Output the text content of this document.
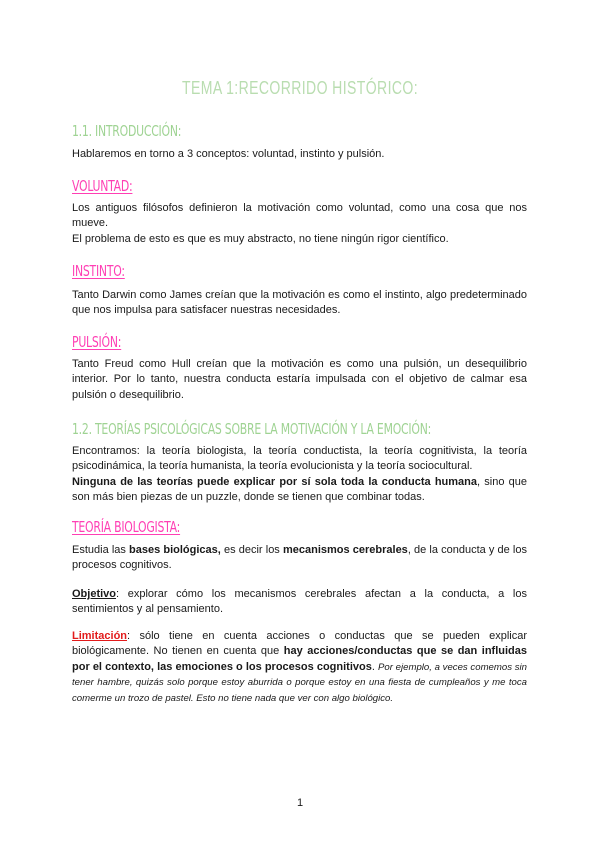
TEMA 1:RECORRIDO HISTÓRICO:
1.1. INTRODUCCIÓN:
Hablaremos en torno a 3 conceptos: voluntad, instinto y pulsión.
VOLUNTAD:
Los antiguos filósofos definieron la motivación como voluntad, como una cosa que nos mueve.
El problema de esto es que es muy abstracto, no tiene ningún rigor científico.
INSTINTO:
Tanto Darwin como James creían que la motivación es como el instinto, algo predeterminado que nos impulsa para satisfacer nuestras necesidades.
PULSIÓN:
Tanto Freud como Hull creían que la motivación es como una pulsión, un desequilibrio interior. Por lo tanto, nuestra conducta estaría impulsada con el objetivo de calmar esa pulsión o desequilibrio.
1.2. TEORÍAS PSICOLÓGICAS SOBRE LA MOTIVACIÓN Y LA EMOCIÓN:
Encontramos: la teoría biologista, la teoría conductista, la teoría cognitivista, la teoría psicodinámica, la teoría humanista, la teoría evolucionista y la teoría sociocultural.
Ninguna de las teorías puede explicar por sí sola toda la conducta humana, sino que son más bien piezas de un puzzle, donde se tienen que combinar todas.
TEORÍA BIOLOGISTA:
Estudia las bases biológicas, es decir los mecanismos cerebrales, de la conducta y de los procesos cognitivos.
Objetivo: explorar cómo los mecanismos cerebrales afectan a la conducta, a los sentimientos y al pensamiento.
Limitación: sólo tiene en cuenta acciones o conductas que se pueden explicar biológicamente. No tienen en cuenta que hay acciones/conductas que se dan influidas por el contexto, las emociones o los procesos cognitivos. Por ejemplo, a veces comemos sin tener hambre, quizás solo porque estoy aburrida o porque estoy en una fiesta de cumpleaños y me toca comerme un trozo de pastel. Esto no tiene nada que ver con algo biológico.
1
